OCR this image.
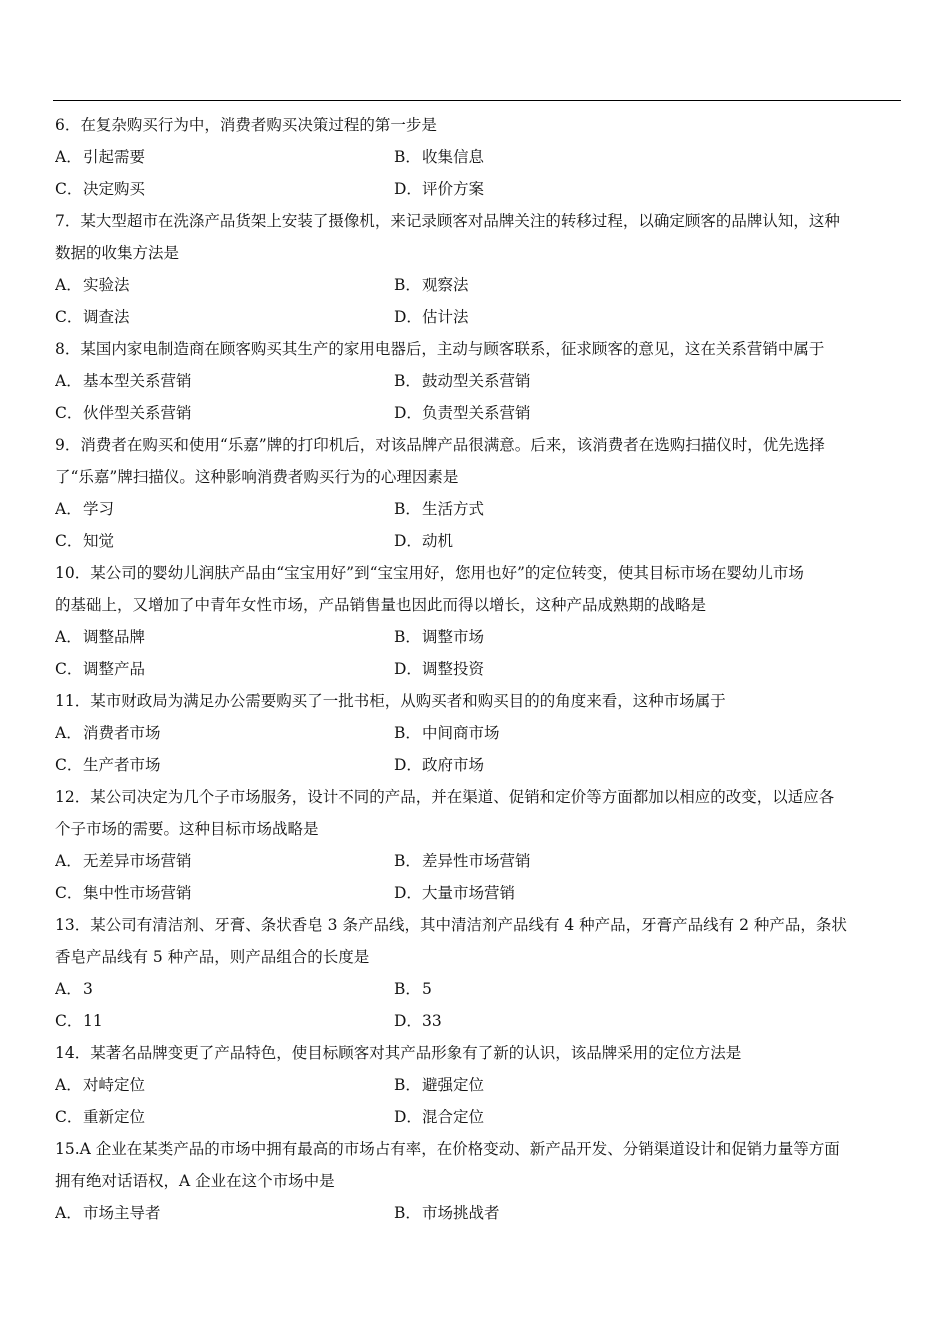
6．在复杂购买行为中，消费者购买决策过程的第一步是
A．引起需要	B．收集信息
C．决定购买	D．评价方案
7．某大型超市在洗涤产品货架上安装了摄像机，来记录顾客对品牌关注的转移过程，以确定顾客的品牌认知，这种
数据的收集方法是
A．实验法	B．观察法
C．调查法	D．估计法
8．某国内家电制造商在顾客购买其生产的家用电器后，主动与顾客联系，征求顾客的意见，这在关系营销中属于
A．基本型关系营销	B．鼓动型关系营销
C．伙伴型关系营销	D．负责型关系营销
9．消费者在购买和使用“乐嘉”牌的打印机后，对该品牌产品很满意。后来，该消费者在选购扫描仪时，优先选择
了“乐嘉”牌扫描仪。这种影响消费者购买行为的心理因素是
A．学习	B．生活方式
C．知觉	D．动机
10．某公司的婴幼儿润肤产品由“宝宝用好”到“宝宝用好，您用也好”的定位转变，使其目标市场在婴幼儿市场
的基础上，又增加了中青年女性市场，产品销售量也因此而得以增长，这种产品成熟期的战略是
A．调整品牌	B．调整市场
C．调整产品	D．调整投资
11．某市财政局为满足办公需要购买了一批书柜，从购买者和购买目的的角度来看，这种市场属于
A．消费者市场	B．中间商市场
C．生产者市场	D．政府市场
12．某公司决定为几个子市场服务，设计不同的产品，并在渠道、促销和定价等方面都加以相应的改变，以适应各
个子市场的需要。这种目标市场战略是
A．无差异市场营销	B．差异性市场营销
C．集中性市场营销	D．大量市场营销
13．某公司有清洁剂、牙膏、条状香皂 3 条产品线，其中清洁剂产品线有 4 种产品，牙膏产品线有 2 种产品，条状
香皂产品线有 5 种产品，则产品组合的长度是
A．3	B．5
C．11	D．33
14．某著名品牌变更了产品特色，使目标顾客对其产品形象有了新的认识，该品牌采用的定位方法是
A．对峙定位	B．避强定位
C．重新定位	D．混合定位
15.A 企业在某类产品的市场中拥有最高的市场占有率，在价格变动、新产品开发、分销渠道设计和促销力量等方面
拥有绝对话语权，A 企业在这个市场中是
A．市场主导者	B．市场挑战者
